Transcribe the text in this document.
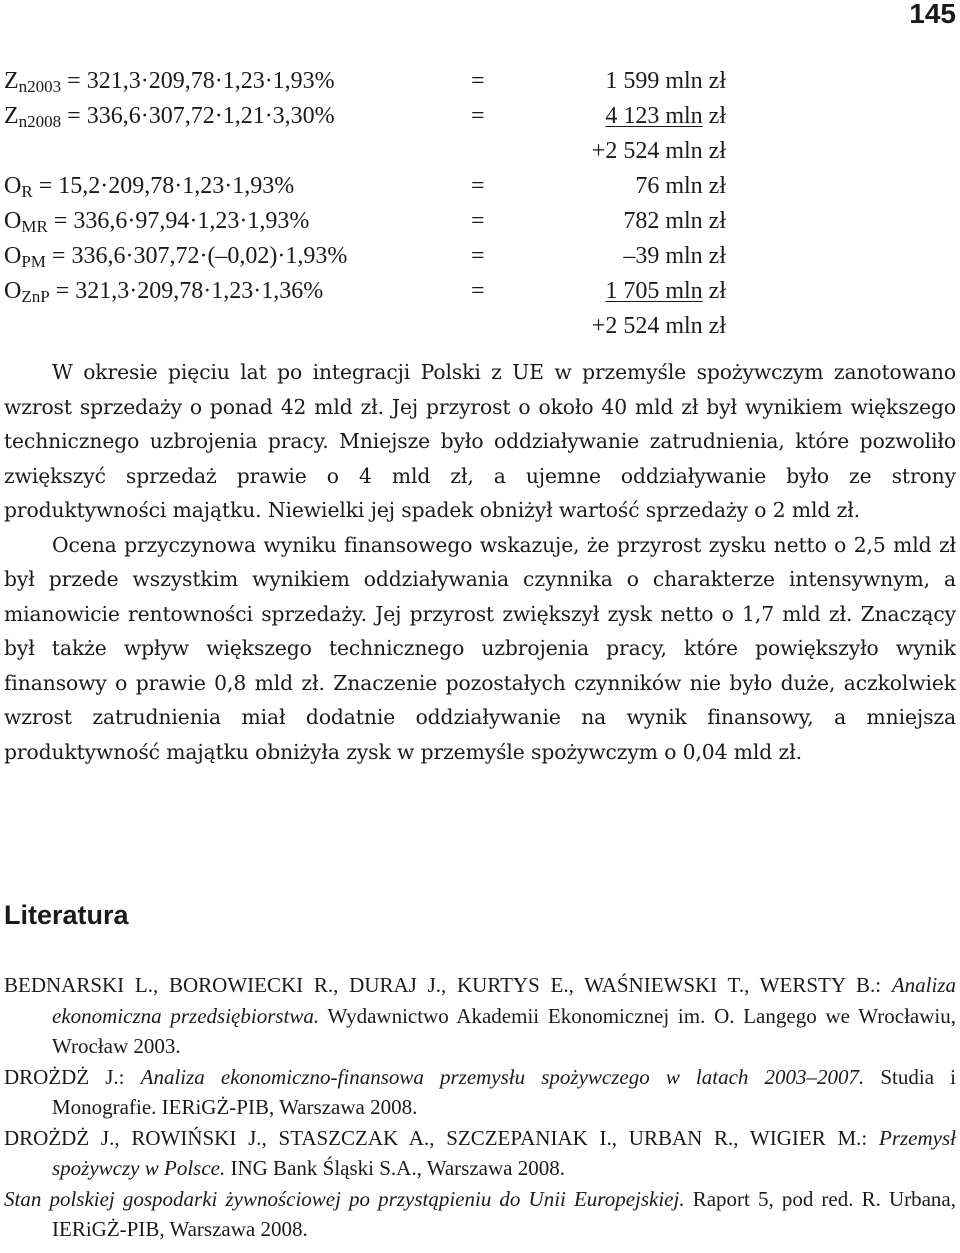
145
$Z_{n2003} = 321,3\cdot 209,78\cdot 1,23\cdot 1,93\%$	=	1 599 mln zł
$Z_{n2008} = 336,6\cdot 307,72\cdot 1,21\cdot 3,30\%$	=	4 123 mln zł
+2 524 mln zł
$O_R = 15,2\cdot 209,78\cdot 1,23\cdot 1,93\%$	=	76 mln zł
$O_{MR} = 336,6\cdot 97,94\cdot 1,23\cdot 1,93\%$	=	782 mln zł
$O_{PM} = 336,6\cdot 307,72\cdot(-0,02)\cdot 1,93\%$	=	–39 mln zł
$O_{ZnP} = 321,3\cdot 209,78\cdot 1,23\cdot 1,36\%$	=	1 705 mln zł
+2 524 mln zł

W okresie pięciu lat po integracji Polski z UE w przemyśle spożywczym zanotowano wzrost sprzedaży o ponad 42 mld zł. Jej przyrost o około 40 mld zł był wynikiem większego technicznego uzbrojenia pracy. Mniejsze było oddziaływanie zatrudnienia, które pozwoliło zwiększyć sprzedaż prawie o 4 mld zł, a ujemne oddziaływanie było ze strony produktywności majątku. Niewielki jej spadek obniżył wartość sprzedaży o 2 mld zł.

Ocena przyczynowa wyniku finansowego wskazuje, że przyrost zysku netto o 2,5 mld zł był przede wszystkim wynikiem oddziaływania czynnika o charakterze intensywnym, a mianowicie rentowności sprzedaży. Jej przyrost zwiększył zysk netto o 1,7 mld zł. Znaczący był także wpływ większego technicznego uzbrojenia pracy, które powiększyło wynik finansowy o prawie 0,8 mld zł. Znaczenie pozostałych czynników nie było duże, aczkolwiek wzrost zatrudnienia miał dodatnie oddziaływanie na wynik finansowy, a mniejsza produktywność majątku obniżyła zysk w przemyśle spożywczym o 0,04 mld zł.

Literatura

BEDNARSKI L., BOROWIECKI R., DURAJ J., KURTYS E., WAŚNIEWSKI T., WERSTY B.: Analiza ekonomiczna przedsiębiorstwa. Wydawnictwo Akademii Ekonomicznej im. O. Langego we Wrocławiu, Wrocław 2003.

DROŻDŻ J.: Analiza ekonomiczno-finansowa przemysłu spożywczego w latach 2003–2007. Studia i Monografie. IERiGŻ-PIB, Warszawa 2008.

DROŻDŻ J., ROWIŃSKI J., STASZCZAK A., SZCZEPANIAK I., URBAN R., WIGIER M.: Przemysł spożywczy w Polsce. ING Bank Śląski S.A., Warszawa 2008.

Stan polskiej gospodarki żywnościowej po przystąpieniu do Unii Europejskiej. Raport 5, pod red. R. Urbana, IERiGŻ-PIB, Warszawa 2008.
